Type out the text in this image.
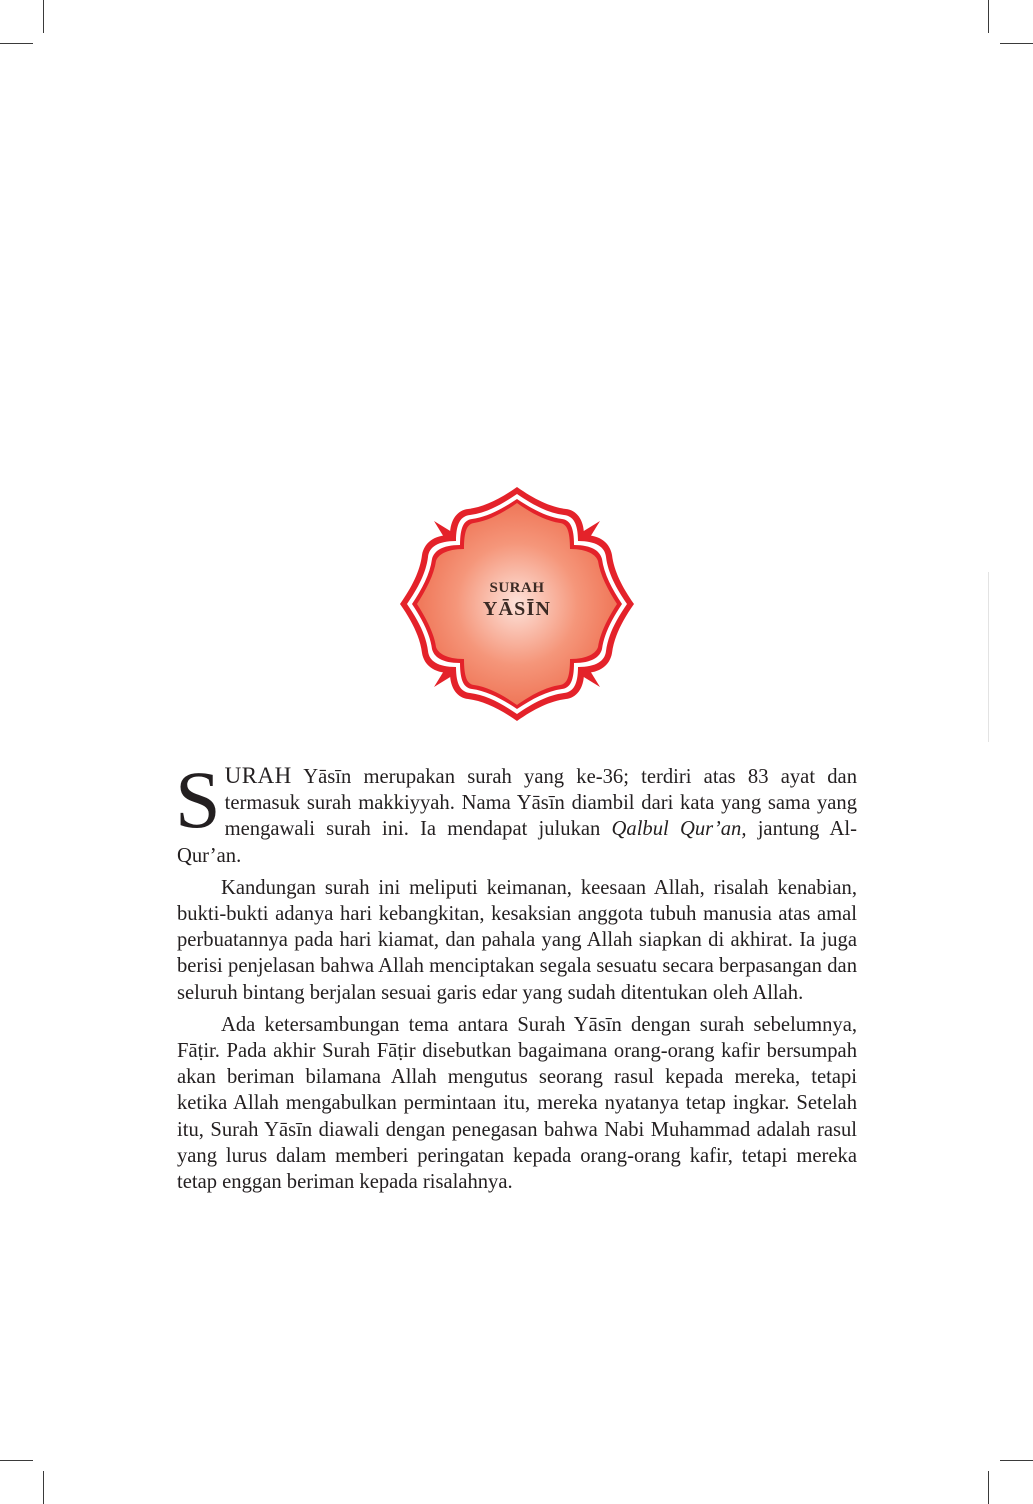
SURAH
YĀSĪN

SURAH Yāsīn merupakan surah yang ke-36; terdiri atas 83 ayat dan termasuk surah makkiyyah. Nama Yāsīn diambil dari kata yang sama yang mengawali surah ini. Ia mendapat julukan Qalbul Qur’an, jantung Al-Qur’an.

Kandungan surah ini meliputi keimanan, keesaan Allah, risalah kenabian, bukti-bukti adanya hari kebangkitan, kesaksian anggota tubuh manusia atas amal perbuatannya pada hari kiamat, dan pahala yang Allah siapkan di akhirat. Ia juga berisi penjelasan bahwa Allah menciptakan segala sesuatu secara berpasangan dan seluruh bintang berjalan sesuai garis edar yang sudah ditentukan oleh Allah.

Ada ketersambungan tema antara Surah Yāsīn dengan surah sebelumnya, Fāṭir. Pada akhir Surah Fāṭir disebutkan bagaimana orang-orang kafir bersumpah akan beriman bilamana Allah mengutus seorang rasul kepada mereka, tetapi ketika Allah mengabulkan permintaan itu, mereka nyatanya tetap ingkar. Setelah itu, Surah Yāsīn diawali dengan penegasan bahwa Nabi Muhammad adalah rasul yang lurus dalam memberi peringatan kepada orang-orang kafir, tetapi mereka tetap enggan beriman kepada risalahnya.
